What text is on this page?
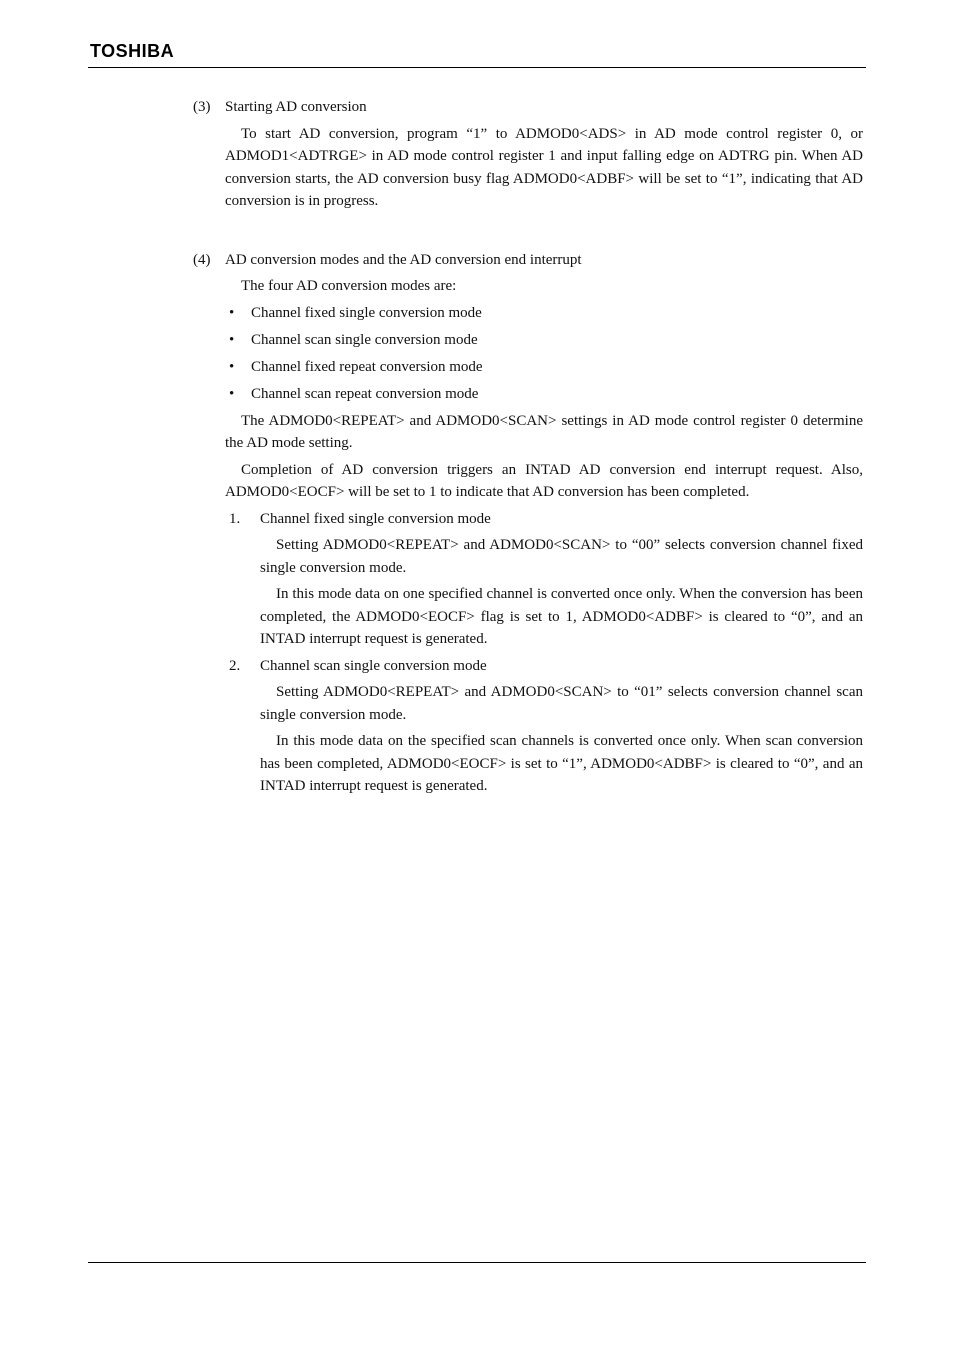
TOSHIBA
(3) Starting AD conversion

To start AD conversion, program “1” to ADMOD0<ADS> in AD mode control register 0, or ADMOD1<ADTRGE> in AD mode control register 1 and input falling edge on ADTRG pin. When AD conversion starts, the AD conversion busy flag ADMOD0<ADBF> will be set to “1”, indicating that AD conversion is in progress.

(4) AD conversion modes and the AD conversion end interrupt

The four AD conversion modes are:

•	Channel fixed single conversion mode
•	Channel scan single conversion mode
•	Channel fixed repeat conversion mode
•	Channel scan repeat conversion mode

The ADMOD0<REPEAT> and ADMOD0<SCAN> settings in AD mode control register 0 determine the AD mode setting.

Completion of AD conversion triggers an INTAD AD conversion end interrupt request. Also, ADMOD0<EOCF> will be set to 1 to indicate that AD conversion has been completed.

1.	Channel fixed single conversion mode

Setting ADMOD0<REPEAT> and ADMOD0<SCAN> to “00” selects conversion channel fixed single conversion mode.

In this mode data on one specified channel is converted once only. When the conversion has been completed, the ADMOD0<EOCF> flag is set to 1, ADMOD0<ADBF> is cleared to “0”, and an INTAD interrupt request is generated.

2.	Channel scan single conversion mode

Setting ADMOD0<REPEAT> and ADMOD0<SCAN> to “01” selects conversion channel scan single conversion mode.

In this mode data on the specified scan channels is converted once only. When scan conversion has been completed, ADMOD0<EOCF> is set to “1”, ADMOD0<ADBF> is cleared to “0”, and an INTAD interrupt request is generated.
